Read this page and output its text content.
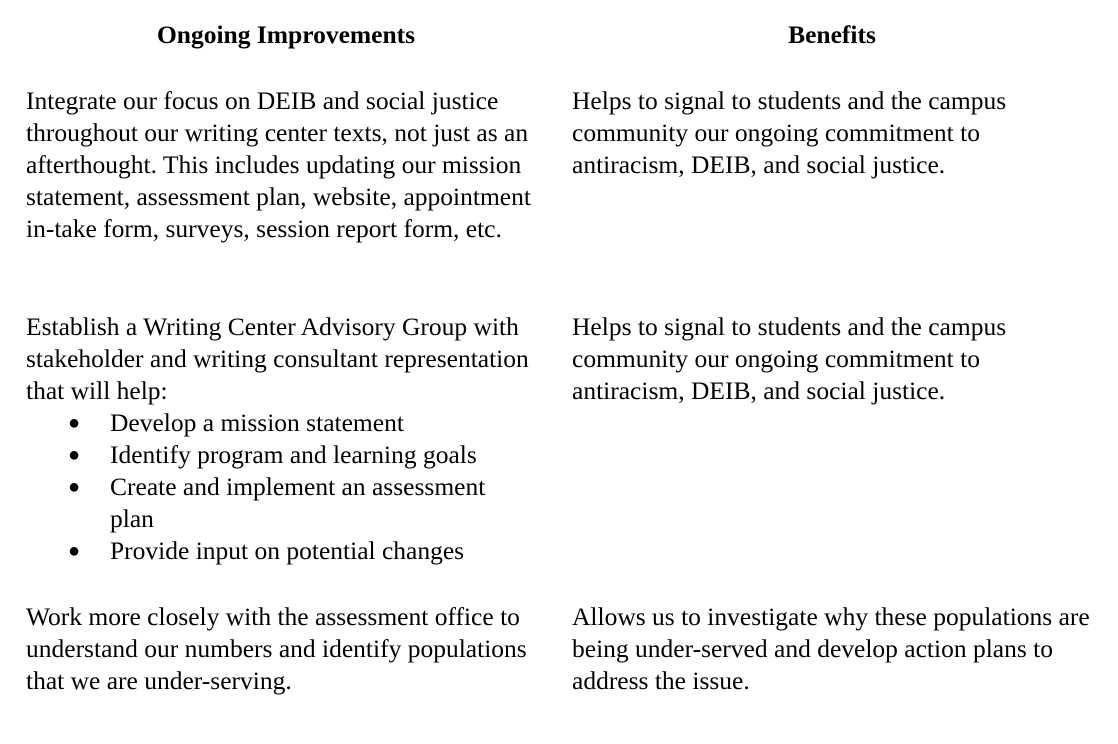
Ongoing Improvements	Benefits

Integrate our focus on DEIB and social justice throughout our writing center texts, not just as an afterthought. This includes updating our mission statement, assessment plan, website, appointment in-take form, surveys, session report form, etc.

Helps to signal to students and the campus community our ongoing commitment to antiracism, DEIB, and social justice.

Establish a Writing Center Advisory Group with stakeholder and writing consultant representation that will help:
● Develop a mission statement
● Identify program and learning goals
● Create and implement an assessment plan
● Provide input on potential changes

Helps to signal to students and the campus community our ongoing commitment to antiracism, DEIB, and social justice.

Work more closely with the assessment office to understand our numbers and identify populations that we are under-serving.

Allows us to investigate why these populations are being under-served and develop action plans to address the issue.
